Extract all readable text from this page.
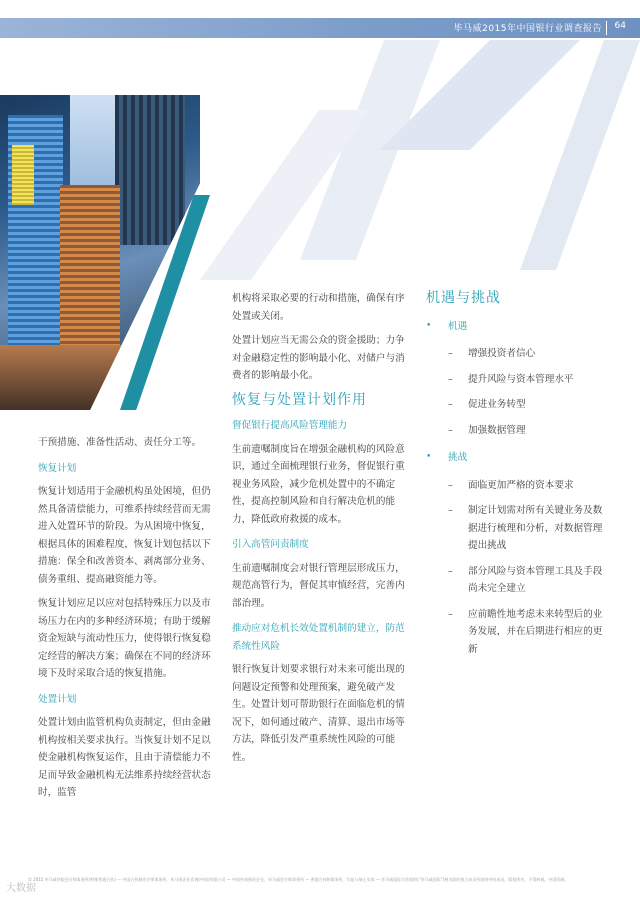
毕马威2015年中国银行业调查报告 64

干预措施、准备性活动、责任分工等。

恢复计划

恢复计划适用于金融机构虽处困境，但仍然具备清偿能力，可维系持续经营而无需进入处置环节的阶段。为从困境中恢复，根据具体的困难程度，恢复计划包括以下措施：保全和改善资本、剥离部分业务、债务重组、提高融资能力等。

恢复计划应足以应对包括特殊压力以及市场压力在内的多种经济环境；有助于缓解资金短缺与流动性压力，使得银行恢复稳定经营的解决方案；确保在不同的经济环境下及时采取合适的恢复措施。

处置计划

处置计划由监管机构负责制定，但由金融机构按相关要求执行。当恢复计划不足以使金融机构恢复运作，且由于清偿能力不足而导致金融机构无法维系持续经营状态时，监管

机构将采取必要的行动和措施，确保有序处置或关闭。

处置计划应当无需公众的资金援助；力争对金融稳定性的影响最小化、对储户与消费者的影响最小化。

恢复与处置计划作用
督促银行提高风险管理能力

生前遗嘱制度旨在增强金融机构的风险意识，通过全面梳理银行业务，督促银行重视业务风险，减少危机处置中的不确定性，提高控制风险和自行解决危机的能力，降低政府救援的成本。

引入高管问责制度

生前遗嘱制度会对银行管理层形成压力，规范高管行为，督促其审慎经营，完善内部治理。

推动应对危机长效处置机制的建立，防范系统性风险

银行恢复计划要求银行对未来可能出现的问题设定预警和处理预案，避免破产发生。处置计划可帮助银行在面临危机的情况下，如何通过破产、清算、退出市场等方法，降低引发严重系统性风险的可能性。

机遇与挑战
• 机遇
– 增强投资者信心
– 提升风险与资本管理水平
– 促进业务转型
– 加强数据管理
• 挑战
– 面临更加严格的资本要求
– 制定计划需对所有关键业务及数据进行梳理和分析，对数据管理提出挑战
– 部分风险与资本管理工具及手段尚未完全建立
– 应前瞻性地考虑未来转型后的业务发展，并在后期进行相应的更新
© 2015 毕马威华振会计师事务所(特殊普通合伙) — 中国合伙制会计师事务所，毕马威企业咨询(中国)有限公司 — 中国外商独资企业，毕马威会计师事务所 — 香港合伙制事务所，均是与瑞士实体 — 毕马威国际合作组织(“毕马威国际”)相关联的独立成员所网络中的成员。版权所有，不得转载。中国印刷。
大数据
